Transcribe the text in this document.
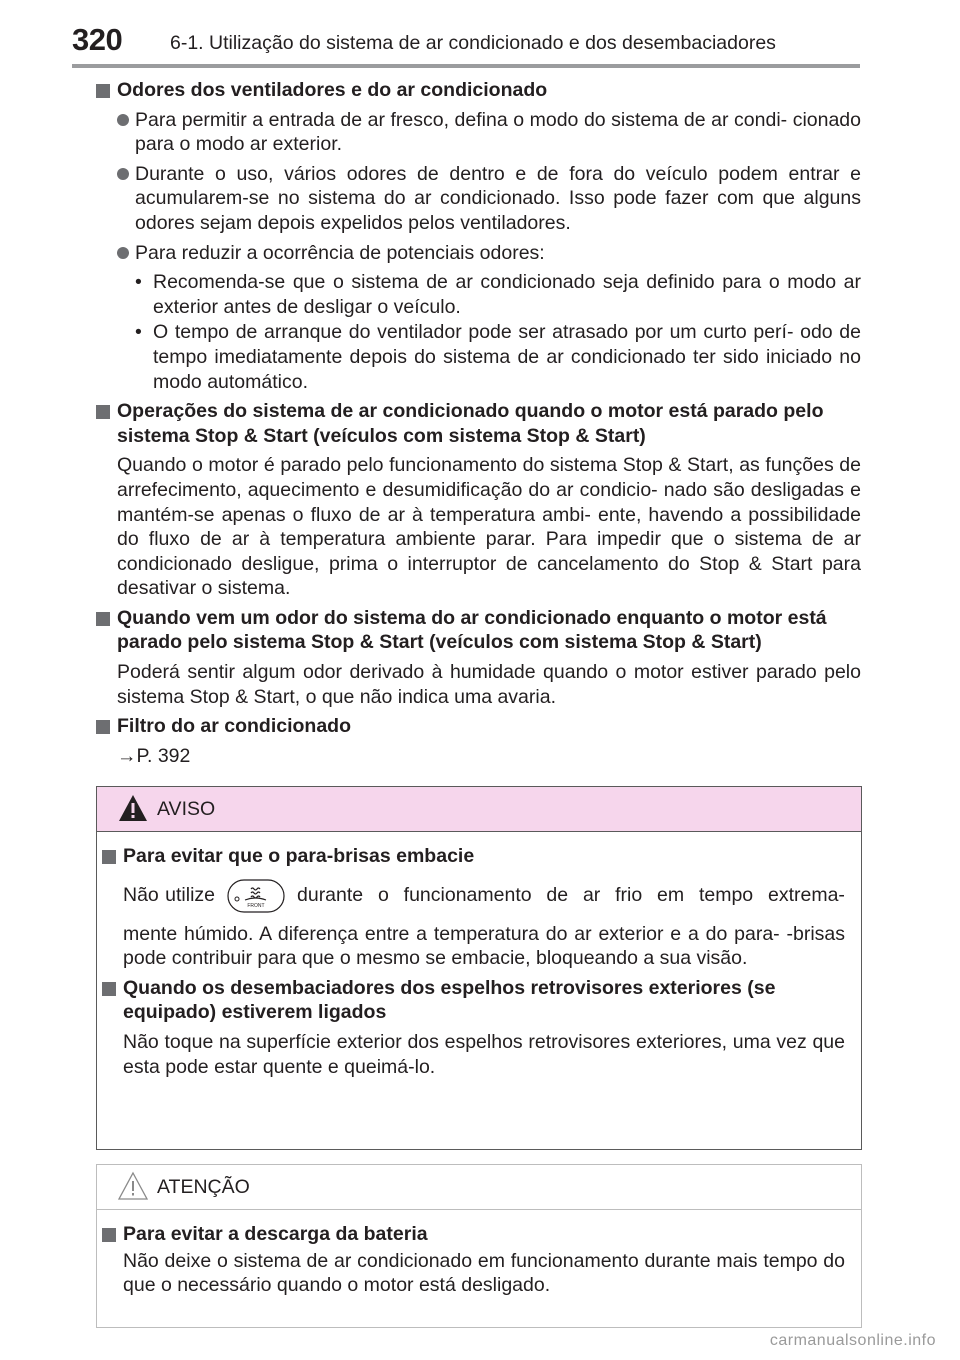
320 6-1. Utilização do sistema de ar condicionado e dos desembaciadores
Odores dos ventiladores e do ar condicionado
Para permitir a entrada de ar fresco, defina o modo do sistema de ar condi- cionado para o modo ar exterior.
Durante o uso, vários odores de dentro e de fora do veículo podem entrar e acumularem-se no sistema do ar condicionado. Isso pode fazer com que alguns odores sejam depois expelidos pelos ventiladores.
Para reduzir a ocorrência de potenciais odores:
• Recomenda-se que o sistema de ar condicionado seja definido para o modo ar exterior antes de desligar o veículo.
• O tempo de arranque do ventilador pode ser atrasado por um curto perí- odo de tempo imediatamente depois do sistema de ar condicionado ter sido iniciado no modo automático.
Operações do sistema de ar condicionado quando o motor está parado pelo sistema Stop & Start (veículos com sistema Stop & Start)
Quando o motor é parado pelo funcionamento do sistema Stop & Start, as funções de arrefecimento, aquecimento e desumidificação do ar condicio- nado são desligadas e mantém-se apenas o fluxo de ar à temperatura ambi- ente, havendo a possibilidade do fluxo de ar à temperatura ambiente parar. Para impedir que o sistema de ar condicionado desligue, prima o interruptor de cancelamento do Stop & Start para desativar o sistema.
Quando vem um odor do sistema do ar condicionado enquanto o motor está parado pelo sistema Stop & Start (veículos com sistema Stop & Start)
Poderá sentir algum odor derivado à humidade quando o motor estiver parado pelo sistema Stop & Start, o que não indica uma avaria.
Filtro do ar condicionado
→P. 392
AVISO
Para evitar que o para-brisas embacie
Não utilize	FRONT durante o funcionamento de ar frio em tempo extrema-
mente húmido. A diferença entre a temperatura do ar exterior e a do para- -brisas pode contribuir para que o mesmo se embacie, bloqueando a sua visão.
Quando os desembaciadores dos espelhos retrovisores exteriores (se equipado) estiverem ligados
Não toque na superfície exterior dos espelhos retrovisores exteriores, uma vez que esta pode estar quente e queimá-lo.
ATENÇÃO
Para evitar a descarga da bateria
Não deixe o sistema de ar condicionado em funcionamento durante mais tempo do que o necessário quando o motor está desligado.
carmanualsonline.info
